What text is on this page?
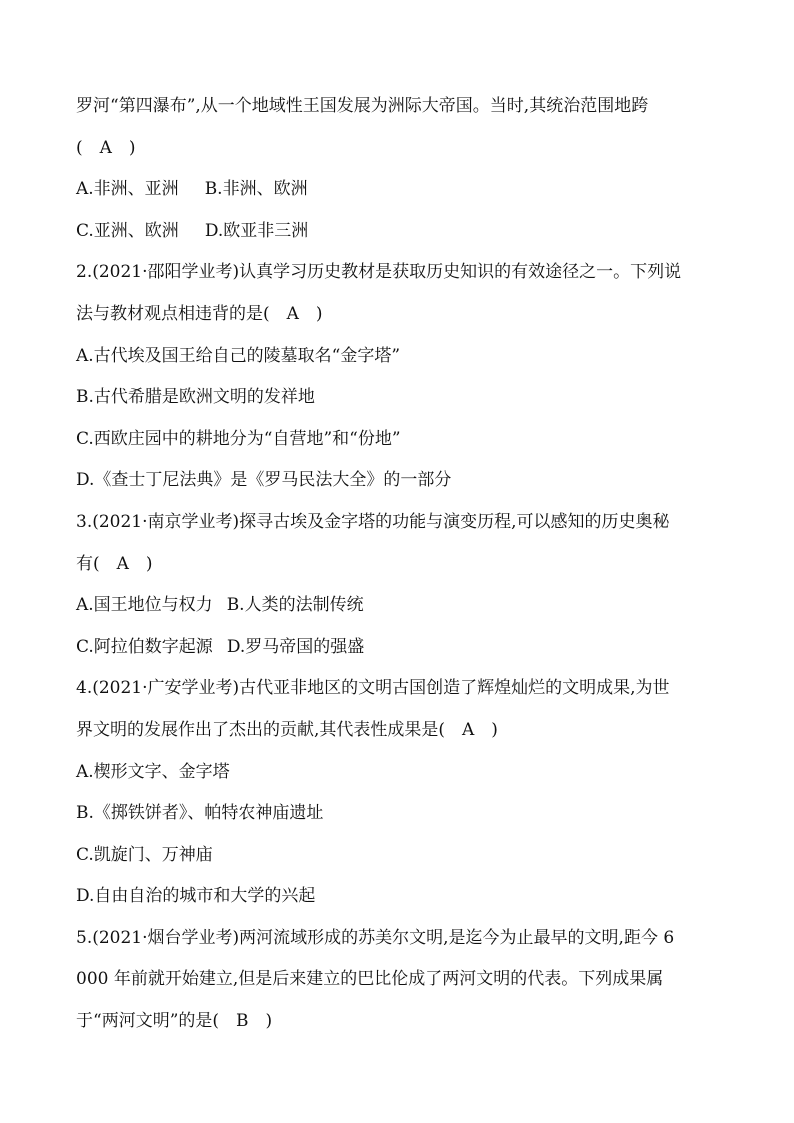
罗河“第四瀑布”,从一个地域性王国发展为洲际大帝国。当时,其统治范围地跨
(　A　)
A.非洲、亚洲 B.非洲、欧洲
C.亚洲、欧洲 D.欧亚非三洲
2.(2021·邵阳学业考)认真学习历史教材是获取历史知识的有效途径之一。下列说
法与教材观点相违背的是(　A　)
A.古代埃及国王给自己的陵墓取名“金字塔”
B.古代希腊是欧洲文明的发祥地
C.西欧庄园中的耕地分为“自营地”和“份地”
D.《查士丁尼法典》是《罗马民法大全》的一部分
3.(2021·南京学业考)探寻古埃及金字塔的功能与演变历程,可以感知的历史奥秘
有(　A　)
A.国王地位与权力 B.人类的法制传统
C.阿拉伯数字起源 D.罗马帝国的强盛
4.(2021·广安学业考)古代亚非地区的文明古国创造了辉煌灿烂的文明成果,为世
界文明的发展作出了杰出的贡献,其代表性成果是(　A　)
A.楔形文字、金字塔
B.《掷铁饼者》、帕特农神庙遗址
C.凯旋门、万神庙
D.自由自治的城市和大学的兴起
5.(2021·烟台学业考)两河流域形成的苏美尔文明,是迄今为止最早的文明,距今 6
000 年前就开始建立,但是后来建立的巴比伦成了两河文明的代表。下列成果属
于“两河文明”的是(　B　)
